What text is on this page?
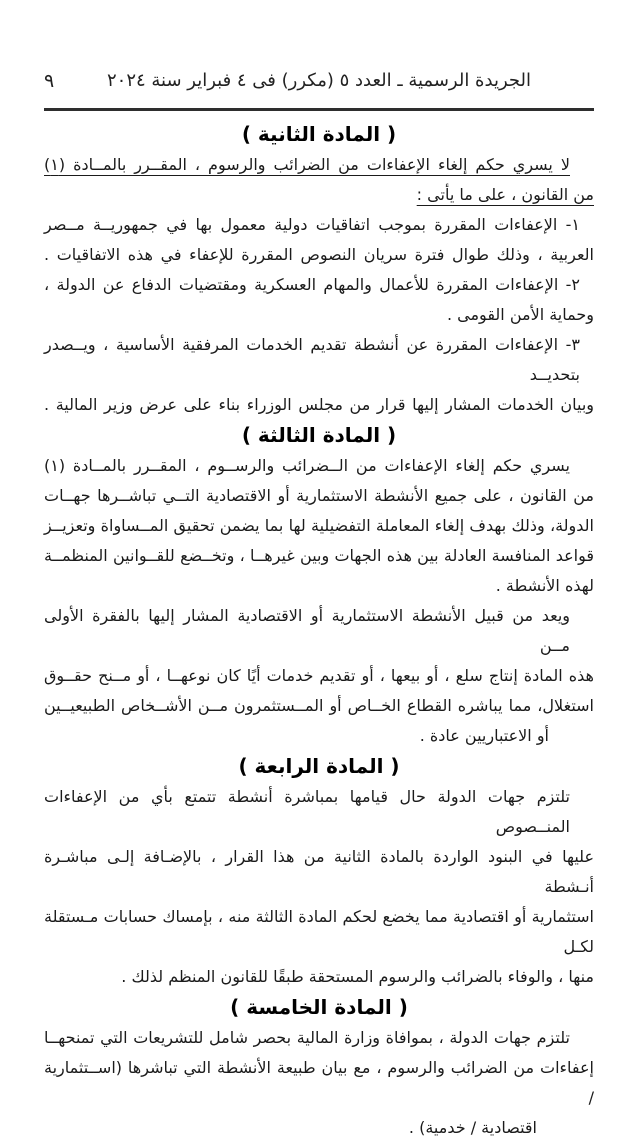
٩	الجريدة الرسمية ـ العدد ٥ (مكرر) فى ٤ فبراير سنة ٢٠٢٤
( المادة الثانية )
لا يسري حكم إلغاء الإعفاءات من الضرائب والرسوم ، المقــرر بالمــادة (١)
من القانون ، على ما يأتى :
١- الإعفاءات المقررة بموجب اتفاقيات دولية معمول بها في جمهوريــة مــصر
العربية ، وذلك طوال فترة سريان النصوص المقررة للإعفاء في هذه الاتفاقيات .
٢- الإعفاءات المقررة للأعمال والمهام العسكرية ومقتضيات الدفاع عن الدولة ،
وحماية الأمن القومى .
٣- الإعفاءات المقررة عن أنشطة تقديم الخدمات المرفقية الأساسية ، ويــصدر بتحديــد
وبيان الخدمات المشار إليها قرار من مجلس الوزراء بناء على عرض وزير المالية .
( المادة الثالثة )
يسري حكم إلغاء الإعفاءات من الــضرائب والرســوم ، المقــرر بالمــادة (١)
من القانون ، على جميع الأنشطة الاستثمارية أو الاقتصادية التــي تباشــرها جهــات
الدولة، وذلك بهدف إلغاء المعاملة التفضيلية لها بما يضمن تحقيق المــساواة وتعزيــز
قواعد المنافسة العادلة بين هذه الجهات وبين غيرهــا ، وتخــضع للقــوانين المنظمــة
لهذه الأنشطة .
ويعد من قبيل الأنشطة الاستثمارية أو الاقتصادية المشار إليها بالفقرة الأولى مــن
هذه المادة إنتاج سلع ، أو بيعها ، أو تقديم خدمات أيًا كان نوعهــا ، أو مــنح حقــوق
استغلال، مما يباشره القطاع الخــاص أو المــستثمرون مــن الأشــخاص الطبيعيــين
أو الاعتباريين عادة .
( المادة الرابعة )
تلتزم جهات الدولة حال قيامها بمباشرة أنشطة تتمتع بأي من الإعفاءات المنــصوص
عليها في البنود الواردة بالمادة الثانية من هذا القرار ، بالإضـافة إلـى مباشـرة أنـشطة
استثمارية أو اقتصادية مما يخضع لحكم المادة الثالثة منه ، بإمساك حسابات مـستقلة لكـل
منها ، والوفاء بالضرائب والرسوم المستحقة طبقًا للقانون المنظم لذلك .
( المادة الخامسة )
تلتزم جهات الدولة ، بموافاة وزارة المالية بحصر شامل للتشريعات التي تمنحهــا
إعفاءات من الضرائب والرسوم ، مع بيان طبيعة الأنشطة التي تباشرها (اســتثمارية /
اقتصادية / خدمية) .
